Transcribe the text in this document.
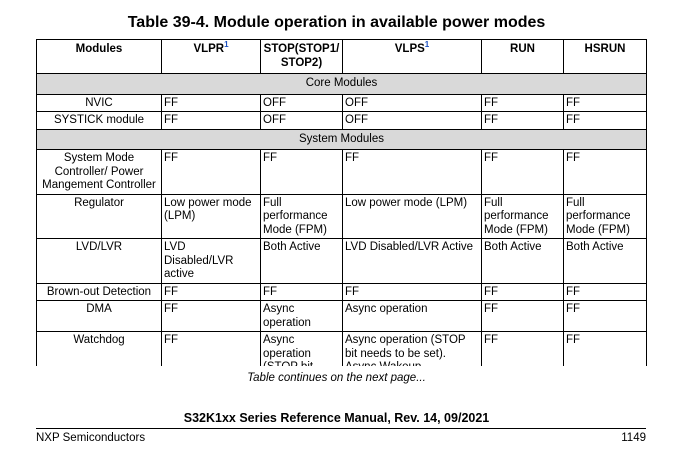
Table 39-4. Module operation in available power modes
Modules	VLPR$^1$	STOP(STOP1/ STOP2)	VLPS$^1$	RUN	HSRUN
Core Modules					
NVIC	FF	OFF	OFF	FF	FF
SYSTICK module	FF	OFF	OFF	FF	FF
System Modules					
System Mode Controller/ Power Mangement Controller	FF	FF	FF	FF	FF
Regulator	Low power mode (LPM)	Full performance Mode (FPM)	Low power mode (LPM)	Full performance Mode (FPM)	Full performance Mode (FPM)
LVD/LVR	LVD Disabled/LVR active	Both Active	LVD Disabled/LVR Active	Both Active	Both Active
Brown-out Detection	FF	FF	FF	FF	FF
DMA	FF	Async operation	Async operation	FF	FF
Watchdog	FF	Async operation	Async operation (STOP bit needs to be set).	FF	FF
Table continues on the next page...
S32K1xx Series Reference Manual, Rev. 14, 09/2021
NXP Semiconductors	1149
